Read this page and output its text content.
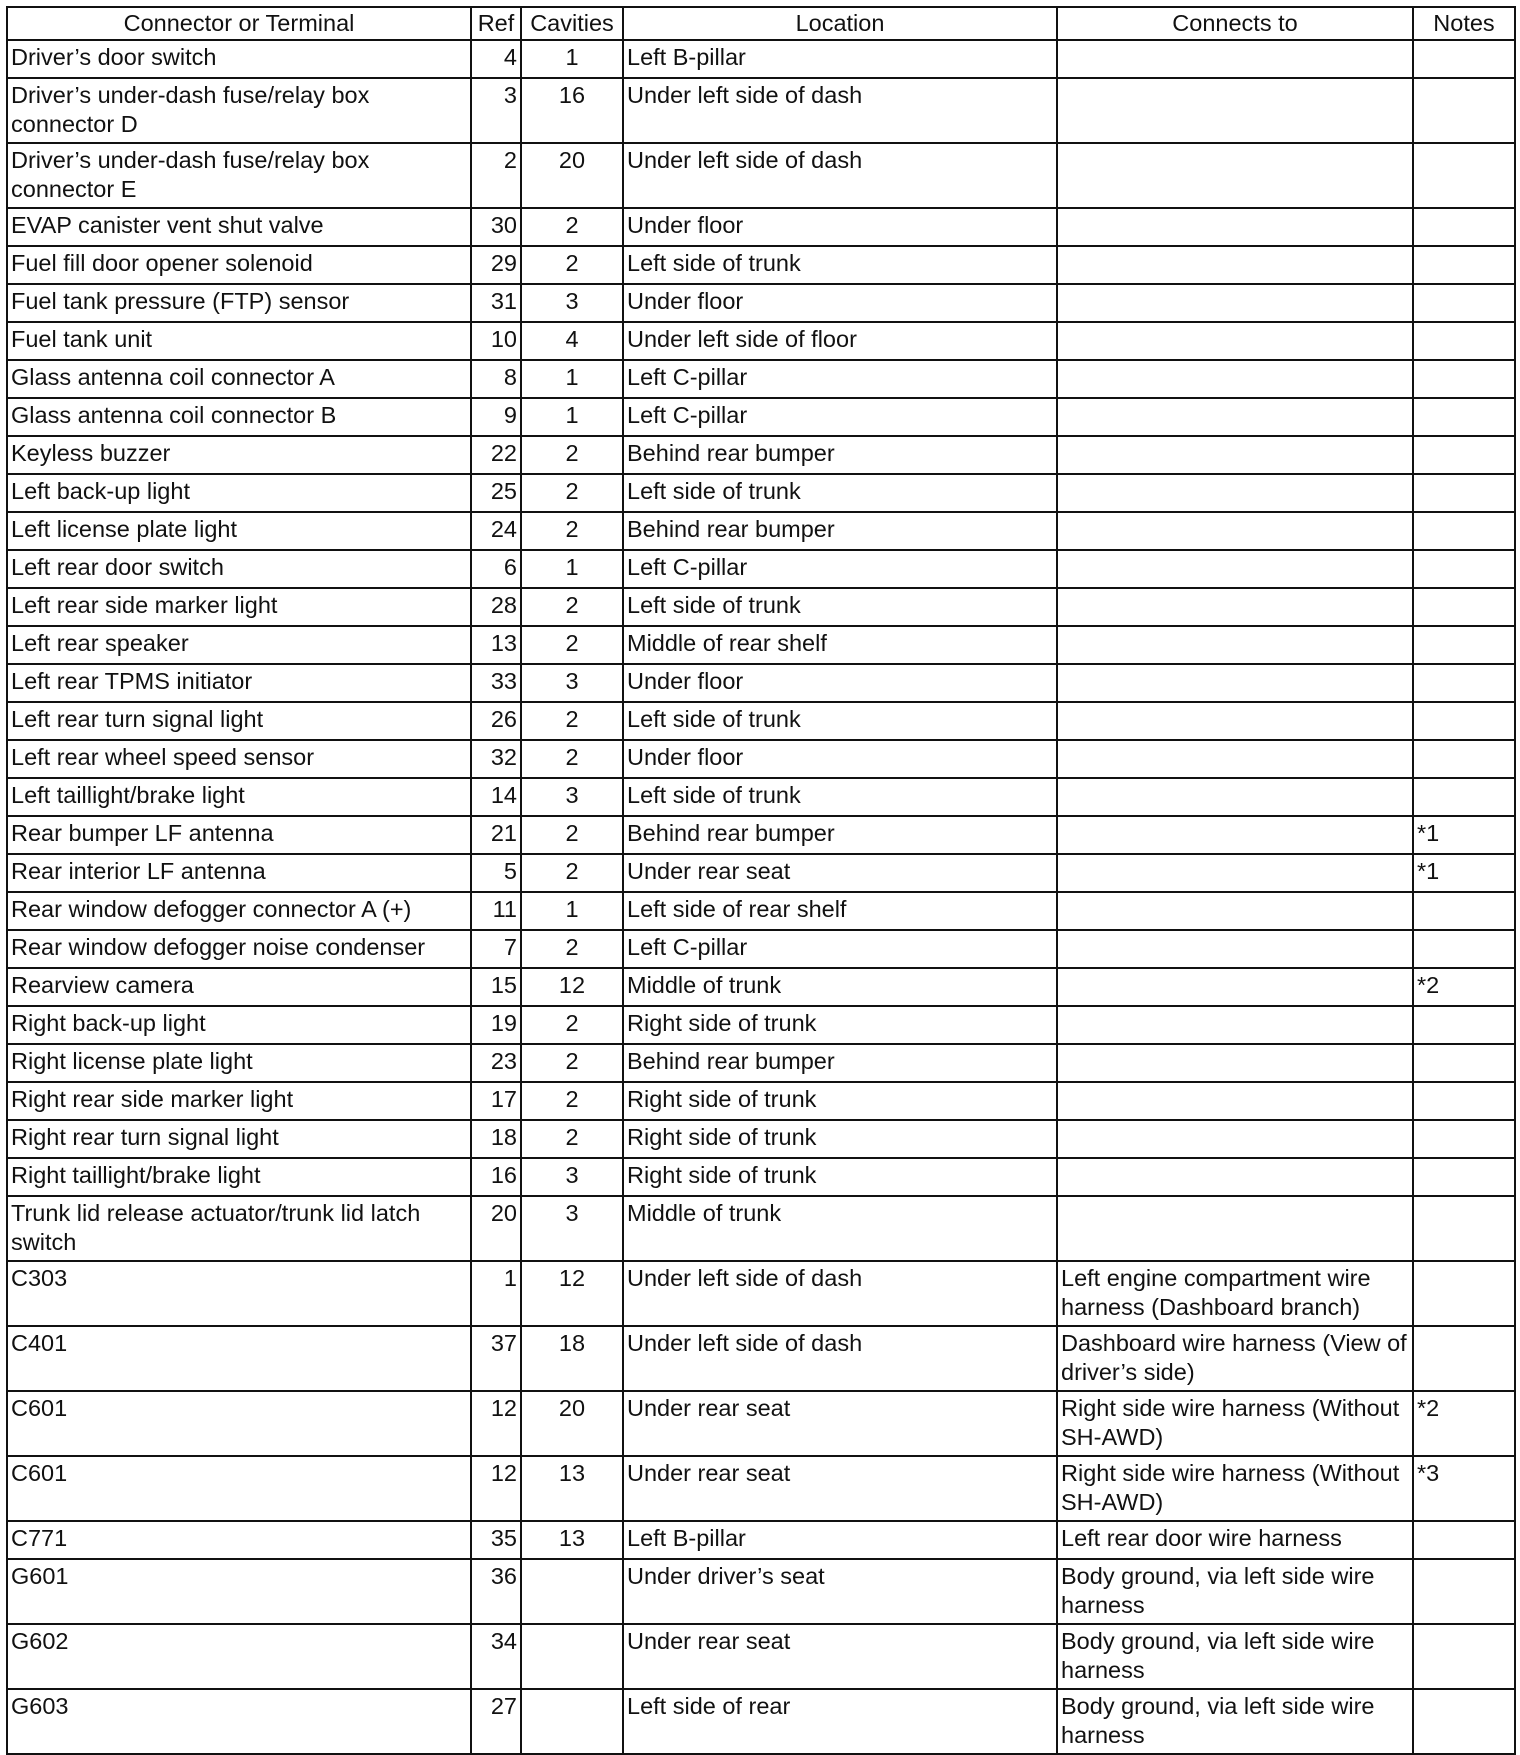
Connector or Terminal	Ref	Cavities	Location	Connects to	Notes
Driver’s door switch	4	1	Left B-pillar		
Driver’s under-dash fuse/relay box connector D	3	16	Under left side of dash		
Driver’s under-dash fuse/relay box connector E	2	20	Under left side of dash		
EVAP canister vent shut valve	30	2	Under floor		
Fuel fill door opener solenoid	29	2	Left side of trunk		
Fuel tank pressure (FTP) sensor	31	3	Under floor		
Fuel tank unit	10	4	Under left side of floor		
Glass antenna coil connector A	8	1	Left C-pillar		
Glass antenna coil connector B	9	1	Left C-pillar		
Keyless buzzer	22	2	Behind rear bumper		
Left back-up light	25	2	Left side of trunk		
Left license plate light	24	2	Behind rear bumper		
Left rear door switch	6	1	Left C-pillar		
Left rear side marker light	28	2	Left side of trunk		
Left rear speaker	13	2	Middle of rear shelf		
Left rear TPMS initiator	33	3	Under floor		
Left rear turn signal light	26	2	Left side of trunk		
Left rear wheel speed sensor	32	2	Under floor		
Left taillight/brake light	14	3	Left side of trunk		
Rear bumper LF antenna	21	2	Behind rear bumper		*1
Rear interior LF antenna	5	2	Under rear seat		*1
Rear window defogger connector A (+)	11	1	Left side of rear shelf		
Rear window defogger noise condenser	7	2	Left C-pillar		
Rearview camera	15	12	Middle of trunk		*2
Right back-up light	19	2	Right side of trunk		
Right license plate light	23	2	Behind rear bumper		
Right rear side marker light	17	2	Right side of trunk		
Right rear turn signal light	18	2	Right side of trunk		
Right taillight/brake light	16	3	Right side of trunk		
Trunk lid release actuator/trunk lid latch switch	20	3	Middle of trunk		
C303	1	12	Under left side of dash	Left engine compartment wire harness (Dashboard branch)	
C401	37	18	Under left side of dash	Dashboard wire harness (View of driver’s side)	
C601	12	20	Under rear seat	Right side wire harness (Without SH-AWD)	*2
C601	12	13	Under rear seat	Right side wire harness (Without SH-AWD)	*3
C771	35	13	Left B-pillar	Left rear door wire harness	
G601	36		Under driver’s seat	Body ground, via left side wire harness	
G602	34		Under rear seat	Body ground, via left side wire harness	
G603	27		Left side of rear	Body ground, via left side wire harness	
